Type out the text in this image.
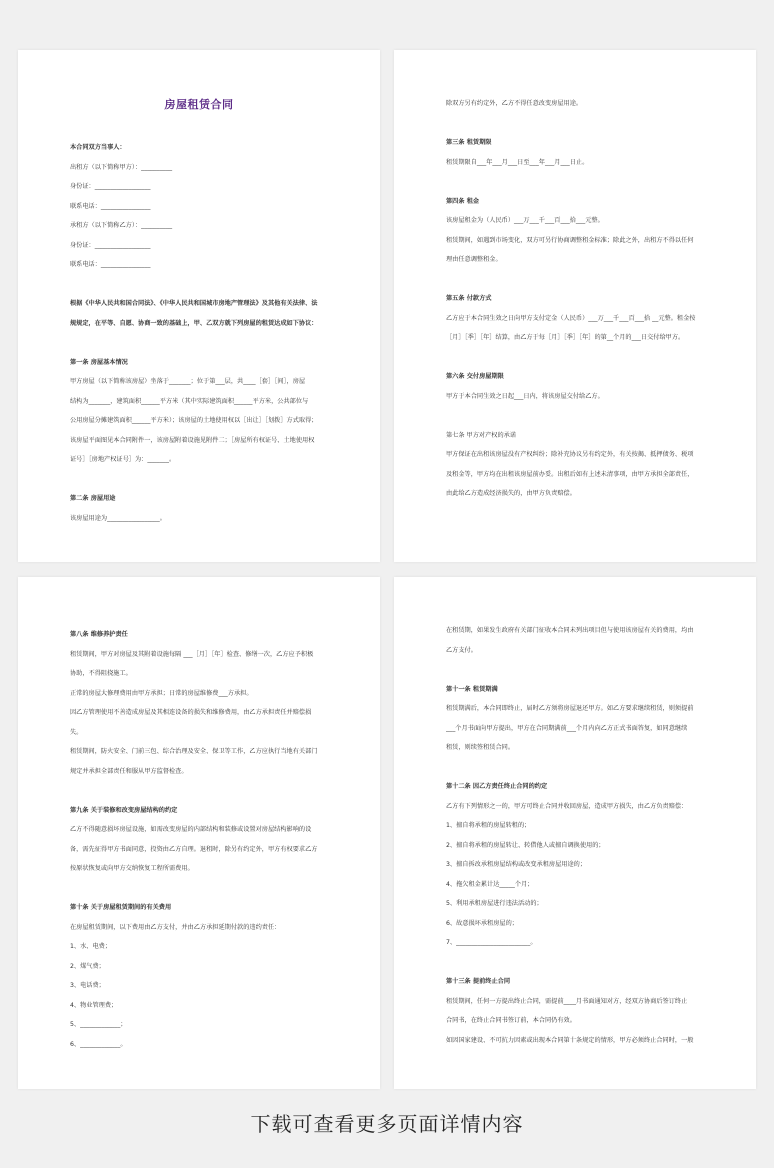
房屋租赁合同
本合同双方当事人：
出租方（以下简称甲方）：__________
身份证：__________________
联系电话：________________
承租方（以下简称乙方）：__________
身份证：__________________
联系电话：________________
根据《中华人民共和国合同法》、《中华人民共和国城市房地产管理法》及其他有关法律、法
规规定，在平等、自愿、协商一致的基础上，甲、乙双方就下列房屋的租赁达成如下协议：
第一条 房屋基本情况
甲方房屋（以下简称该房屋）坐落于_______；位于第___层，共____［套］［间］，房屋
结构为_______，建筑面积______平方米（其中实际建筑面积______平方米，公共部位与
公用房屋分摊建筑面积______平方米）；该房屋的土地使用权以［出让］［划拨］方式取得；
该房屋平面图见本合同附件一，该房屋附着设施见附件二；［房屋所有权证号、土地使用权
证号］［房地产权证号］为：_______。
第二条 房屋用途
该房屋用途为_________________。
除双方另有约定外，乙方不得任意改变房屋用途。
第三条 租赁期限
租赁期限自___年___月___日至___年___月___日止。
第四条 租金
该房屋租金为（人民币）___万___千___百___拾___元整。
租赁期间，如遇到市场变化，双方可另行协商调整租金标准；除此之外，出租方不得以任何
理由任意调整租金。
第五条 付款方式
乙方应于本合同生效之日向甲方支付定金（人民币）___万___千___百___拾 __元整。租金按
［月］［季］［年］结算，由乙方于每［月］［季］［年］的第__个月的___日交付给甲方。
第六条 交付房屋期限
甲方于本合同生效之日起___日内，将该房屋交付给乙方。
第七条 甲方对产权的承诺
甲方保证在出租该房屋没有产权纠纷；除补充协议另有约定外，有关按揭、抵押债务、税项
及租金等，甲方均在出租该房屋前办妥。出租后如有上述未清事项，由甲方承担全部责任，
由此给乙方造成经济损失的，由甲方负责赔偿。
第八条 维修养护责任
租赁期间，甲方对房屋及其附着设施每隔 ___［月］［年］检查、修缮一次，乙方应予积极
协助，不得阻挠施工。
正常的房屋大修理费用由甲方承担；日常的房屋维修费___方承担。
因乙方管理使用不善造成房屋及其相连设备的损失和维修费用，由乙方承担责任并赔偿损
失。
租赁期间，防火安全、门前三包、综合治理及安全、保卫等工作，乙方应执行当地有关部门
规定并承担全部责任和服从甲方监督检查。
第九条 关于装修和改变房屋结构的约定
乙方不得随意损坏房屋设施，如需改变房屋的内部结构和装修或设置对房屋结构影响的设
备，需先征得甲方书面同意，投资由乙方自理。退租时，除另有约定外，甲方有权要求乙方
按原状恢复或向甲方交纳恢复工程所需费用。
第十条 关于房屋租赁期间的有关费用
在房屋租赁期间，以下费用由乙方支付，并由乙方承担延期付款的违约责任：
1、水、电费；
2、煤气费；
3、电话费；
4、物业管理费；
5、_____________；
6、_____________。
在租赁期，如果发生政府有关部门征收本合同未列出项目但与使用该房屋有关的费用，均由
乙方支付。
第十一条 租赁期满
租赁期满后，本合同即终止，届时乙方须将房屋退还甲方。如乙方要求继续租赁，则须提前
___个月书面向甲方提出，甲方在合同期满前___个月内向乙方正式书面答复，如同意继续
租赁，则续签租赁合同。
第十二条 因乙方责任终止合同的约定
乙方有下列情形之一的，甲方可终止合同并收回房屋，造成甲方损失，由乙方负责赔偿：
1、擅自将承租的房屋转租的；
2、擅自将承租的房屋转让、转借他人或擅自调换使用的；
3、擅自拆改承租房屋结构或改变承租房屋用途的；
4、拖欠租金累计达_____个月；
5、利用承租房屋进行违法活动的；
6、故意损坏承租房屋的；
7、________________________。
第十三条 提前终止合同
租赁期间，任何一方提出终止合同，需提前____月书面通知对方，经双方协商后签订终止
合同书，在终止合同书签订前，本合同仍有效。
如因国家建设、不可抗力因素或出现本合同第十条规定的情形，甲方必须终止合同时，一般
下载可查看更多页面详情内容
